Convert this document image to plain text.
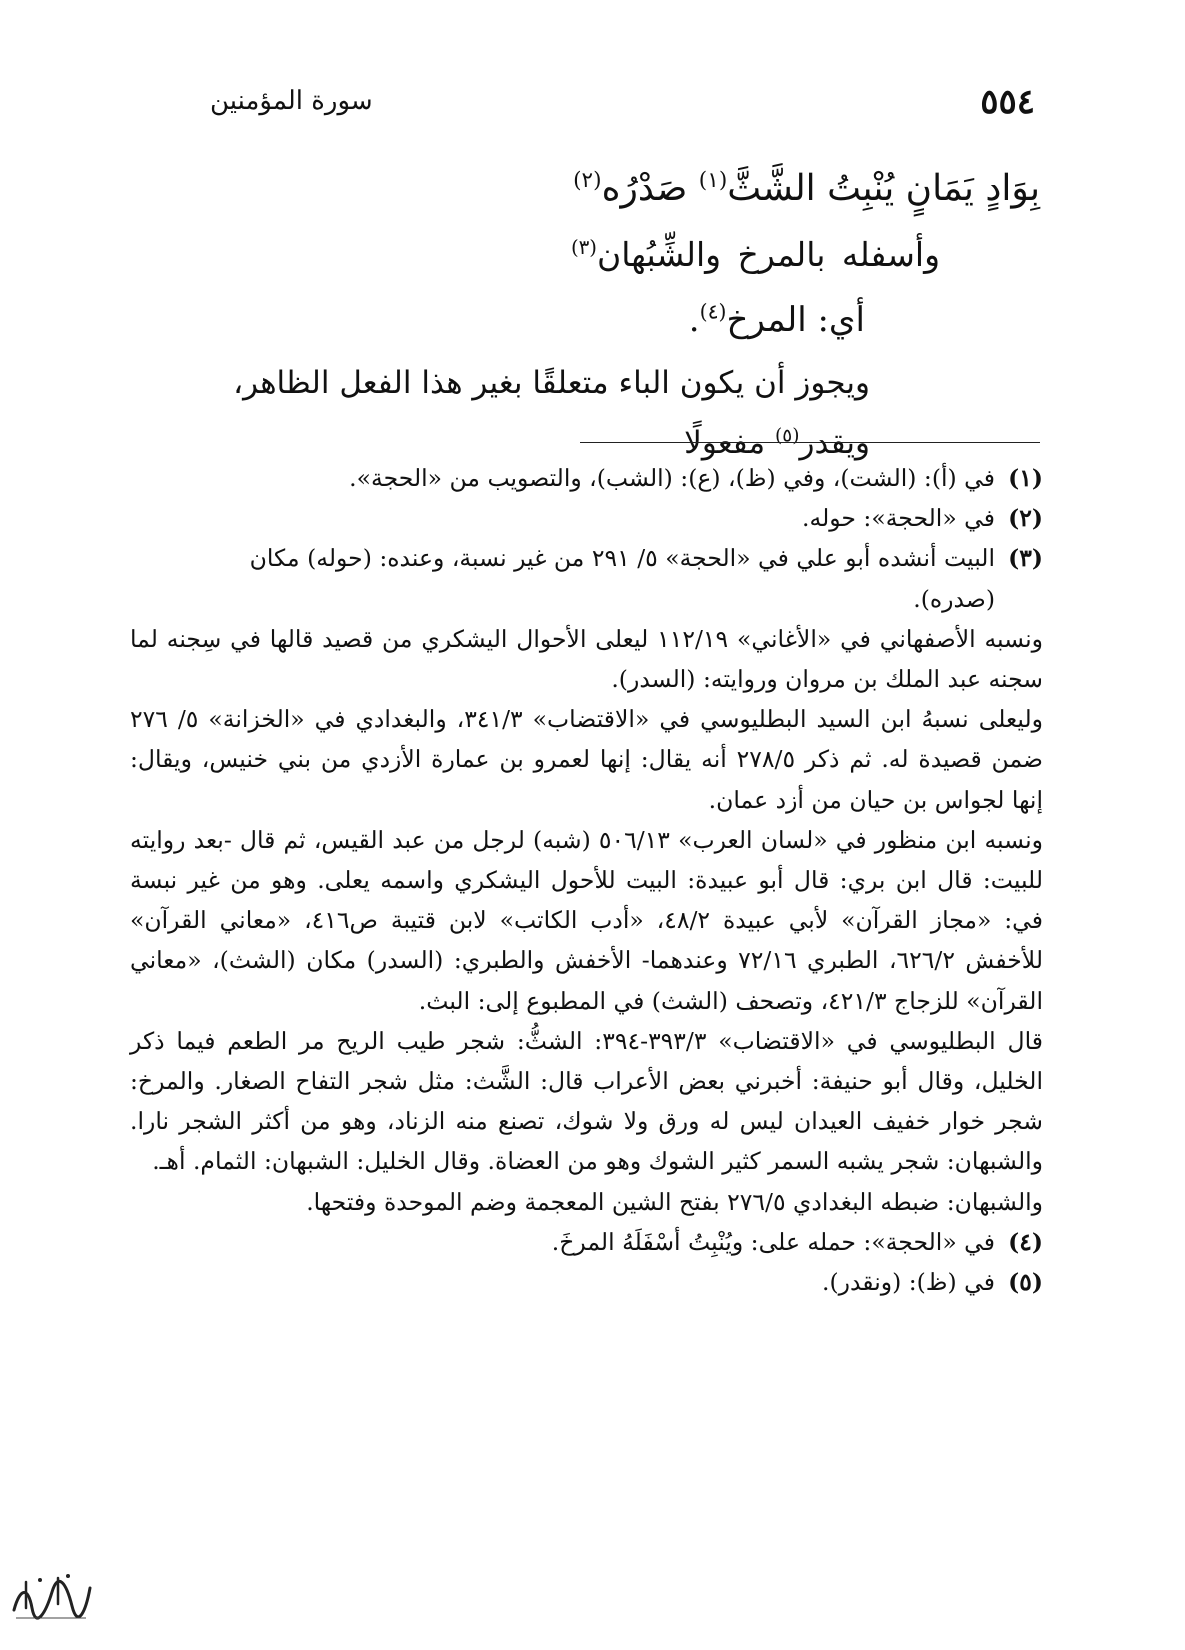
٥٥٤
سورة المؤمنين

بِوَادٍ يَمَانٍ يُنْبِتُ الشَّثَّ$^{(١)}$ صَدْرُه$^{(٢)}$

وأسفله بالمرخ والشِّبُهان$^{(٣)}$

أي: المرخ$^{(٤)}$.

ويجوز أن يكون الباء متعلقًا بغير هذا الفعل الظاهر، ويقدر$^{(٥)}$ مفعولًا

(١)في (أ): (الشت)، وفي (ظ)، (ع): (الشب)، والتصويب من «الحجة».

(٢)في «الحجة»: حوله.

(٣)البيت أنشده أبو علي في «الحجة» ٥/ ٢٩١ من غير نسبة، وعنده: (حوله) مكان

(صدره).

ونسبه الأصفهاني في «الأغاني» ١١٢/١٩ ليعلى الأحوال اليشكري من قصيد قالها في سِجنه لما سجنه عبد الملك بن مروان وروايته: (السدر).

وليعلى نسبهُ ابن السيد البطليوسي في «الاقتضاب» ٣٤١/٣، والبغدادي في «الخزانة» ٥/ ٢٧٦ ضمن قصيدة له. ثم ذكر ٢٧٨/٥ أنه يقال: إنها لعمرو بن عمارة الأزدي من بني خنيس، ويقال: إنها لجواس بن حيان من أزد عمان.

ونسبه ابن منظور في «لسان العرب» ٥٠٦/١٣ (شبه) لرجل من عبد القيس، ثم قال -بعد روايته للبيت: قال ابن بري: قال أبو عبيدة: البيت للأحول اليشكري واسمه يعلى. وهو من غير نبسة في: «مجاز القرآن» لأبي عبيدة ٤٨/٢، «أدب الكاتب» لابن قتيبة ص٤١٦، «معاني القرآن» للأخفش ٦٢٦/٢، الطبري ٧٢/١٦ وعندهما- الأخفش والطبري: (السدر) مكان (الشث)، «معاني القرآن» للزجاج ٤٢١/٣، وتصحف (الشث) في المطبوع إلى: البث.

قال البطليوسي في «الاقتضاب» ٣٩٣/٣-٣٩٤: الشثُّ: شجر طيب الريح مر الطعم فيما ذكر الخليل، وقال أبو حنيفة: أخبرني بعض الأعراب قال: الشَّث: مثل شجر التفاح الصغار. والمرخ: شجر خوار خفيف العيدان ليس له ورق ولا شوك، تصنع منه الزناد، وهو من أكثر الشجر نارا. والشبهان: شجر يشبه السمر كثير الشوك وهو من العضاة. وقال الخليل: الشبهان: الثمام. أهـ.

والشبهان: ضبطه البغدادي ٢٧٦/٥ بفتح الشين المعجمة وضم الموحدة وفتحها.

(٤)في «الحجة»: حمله على: ويُنْبِتُ أسْفَلَهُ المرخَ.

(٥)في (ظ): (ونقدر).
